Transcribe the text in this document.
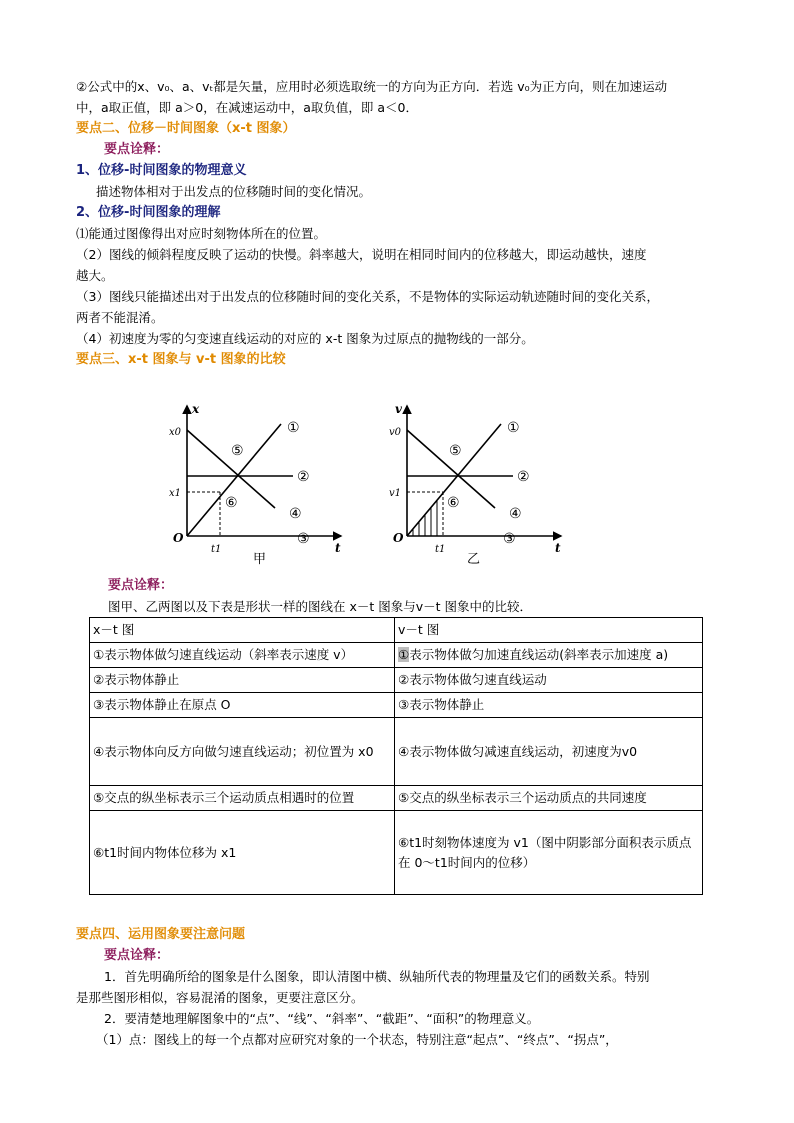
②公式中的x、v₀、a、vₜ都是矢量，应用时必须选取统一的方向为正方向．若选 v₀为正方向，则在加速运动

中，a取正值，即 a＞0，在减速运动中，a取负值，即 a＜0．

要点二、位移－时间图象（x-t 图象）

要点诠释：

1、位移-时间图象的物理意义

描述物体相对于出发点的位移随时间的变化情况。

2、位移-时间图象的理解

⑴能通过图像得出对应时刻物体所在的位置。

（2）图线的倾斜程度反映了运动的快慢。斜率越大，说明在相同时间内的位移越大，即运动越快，速度

越大。

（3）图线只能描述出对于出发点的位移随时间的变化关系，不是物体的实际运动轨迹随时间的变化关系，

两者不能混淆。

（4）初速度为零的匀变速直线运动的对应的 x-t 图象为过原点的抛物线的一部分。

要点三、x-t 图象与 v-t 图象的比较

x
t
O
x0
x1
t1
①
②
③
④
⑤
⑥
甲
v
t
O
v0
v1
t1
①
②
③
④
⑤
⑥
乙

要点诠释：

图甲、乙两图以及下表是形状一样的图线在 x－t 图象与v－t 图象中的比较．

x－t 图	v－t 图
①表示物体做匀速直线运动（斜率表示速度 v）	①表示物体做匀加速直线运动(斜率表示加速度 a)
②表示物体静止	②表示物体做匀速直线运动
③表示物体静止在原点 O	③表示物体静止
④表示物体向反方向做匀速直线运动；初位置为 x0	④表示物体做匀减速直线运动，初速度为v0
⑤交点的纵坐标表示三个运动质点相遇时的位置	⑤交点的纵坐标表示三个运动质点的共同速度
⑥t1时间内物体位移为 x1	⑥t1时刻物体速度为 v1（图中阴影部分面积表示质点在 0～t1时间内的位移）

要点四、运用图象要注意问题

要点诠释：

1．首先明确所给的图象是什么图象，即认清图中横、纵轴所代表的物理量及它们的函数关系。特别

是那些图形相似，容易混淆的图象，更要注意区分。

2．要清楚地理解图象中的“点”、“线”、“斜率”、“截距”、“面积”的物理意义。

（1）点：图线上的每一个点都对应研究对象的一个状态，特别注意“起点”、“终点”、“拐点”，
